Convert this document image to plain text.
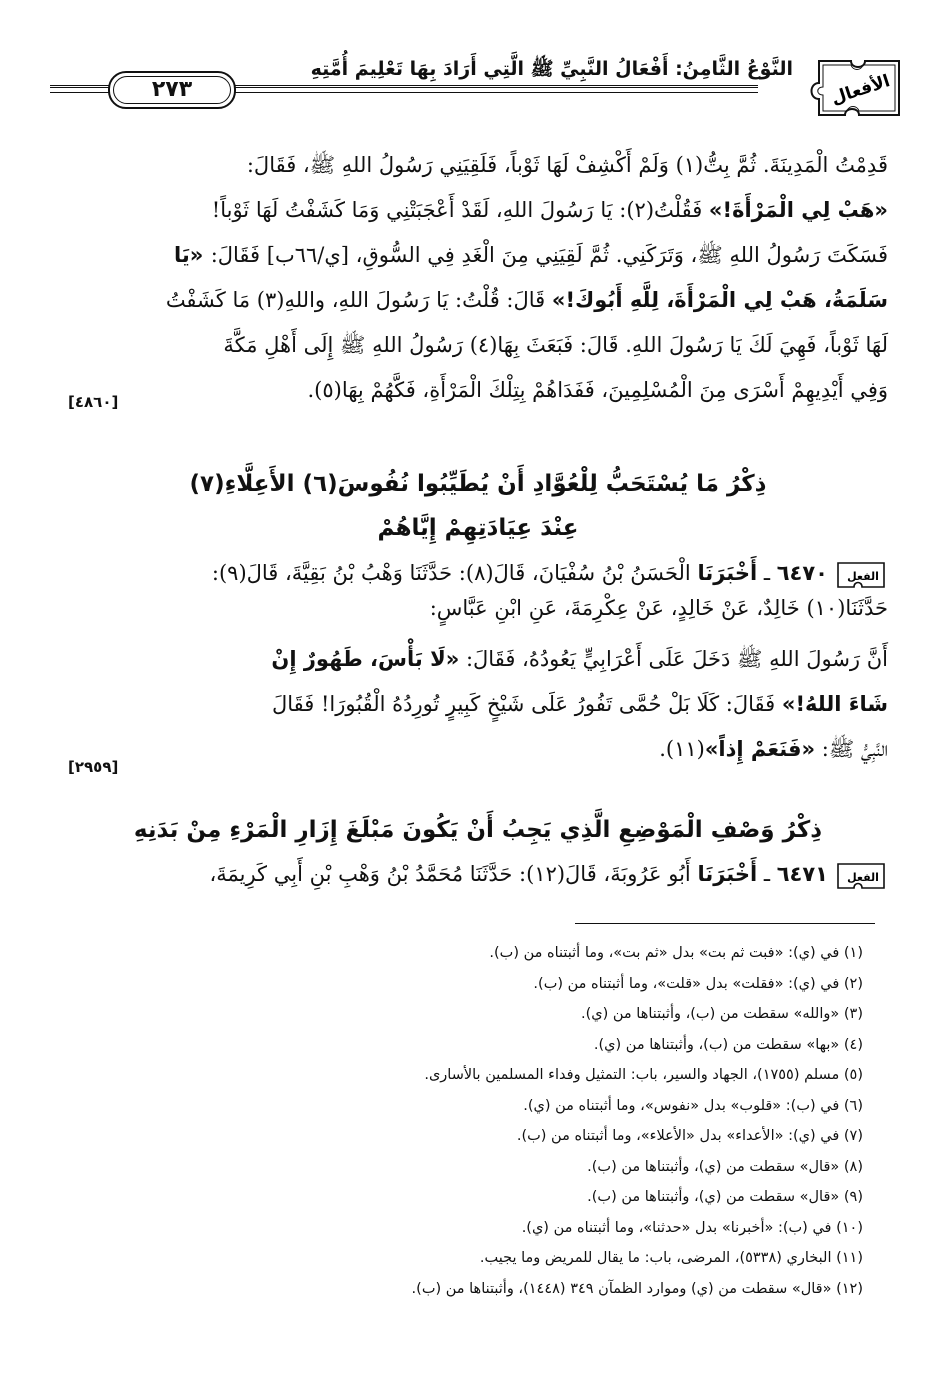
٢٧٣
النَّوْعُ الثَّامِنُ: أَفْعَالُ النَّبِيِّ ﷺ الَّتِي أَرَادَ بِهَا تَعْلِيمَ أُمَّتِهِ
الأفعال
قَدِمْتُ الْمَدِينَةَ. ثُمَّ بِتُّ(١) وَلَمْ أَكْشِفْ لَهَا ثَوْباً، فَلَقِيَنِي رَسُولُ اللهِ ﷺ، فَقَالَ:
«هَبْ لِي الْمَرْأَةَ!» فَقُلْتُ(٢): يَا رَسُولَ اللهِ، لَقَدْ أَعْجَبَتْنِي وَمَا كَشَفْتُ لَهَا ثَوْباً!
فَسَكَتَ رَسُولُ اللهِ ﷺ، وَتَرَكَنِي. ثُمَّ لَقِيَنِي مِنَ الْغَدِ فِي السُّوقِ، [ي/٦٦ب] فَقَالَ: «يَا
سَلَمَةُ، هَبْ لِي الْمَرْأَةَ، لِلَّهِ أَبُوكَ!» قَالَ: قُلْتُ: يَا رَسُولَ اللهِ، واللهِ(٣) مَا كَشَفْتُ
لَهَا ثَوْباً، فَهِيَ لَكَ يَا رَسُولَ اللهِ. قَالَ: فَبَعَثَ بِهَا(٤) رَسُولُ اللهِ ﷺ إِلَى أَهْلِ مَكَّةَ
وَفِي أَيْدِيهِمْ أَسْرَى مِنَ الْمُسْلِمِينَ، فَفَدَاهُمْ بِتِلْكَ الْمَرْأَةِ، فَكَّهُمْ بِهَا(٥).
[٤٨٦٠]
ذِكْرُ مَا يُسْتَحَبُّ لِلْعُوَّادِ أَنْ يُطَيِّبُوا نُفُوسَ(٦) الأَعِلَّاءِ(٧)
عِنْدَ عِيَادَتِهِمْ إِيَّاهُمْ
الفعل
٦٤٧٠ ـ أَخْبَرَنَا الْحَسَنُ بْنُ سُفْيَانَ، قَالَ(٨): حَدَّثَنَا وَهْبُ بْنُ بَقِيَّةَ، قَالَ(٩):
حَدَّثَنَا(١٠) خَالِدٌ، عَنْ خَالِدٍ، عَنْ عِكْرِمَةَ، عَنِ ابْنِ عَبَّاسٍ:
أَنَّ رَسُولَ اللهِ ﷺ دَخَلَ عَلَى أَعْرَابِيٍّ يَعُودُهُ، فَقَالَ: «لَا بَأْسَ، طَهُورٌ إِنْ
شَاءَ اللهُ!» فَقَالَ: كَلَا بَلْ حُمَّى تَفُورُ عَلَى شَيْخٍ كَبِيرٍ تُورِدُهُ الْقُبُورَا! فَقَالَ
النَّبِيُّ ﷺ: «فَنَعَمْ إِذاً»(١١).
[٢٩٥٩]
ذِكْرُ وَصْفِ الْمَوْضِعِ الَّذِي يَجِبُ أَنْ يَكُونَ مَبْلَغَ إِزَارِ الْمَرْءِ مِنْ بَدَنِهِ
الفعل
٦٤٧١ ـ أَخْبَرَنَا أَبُو عَرُوبَةَ، قَالَ(١٢): حَدَّثَنَا مُحَمَّدُ بْنُ وَهْبِ بْنِ أَبِي كَرِيمَةَ،
(١) في (ي): «فبت ثم بت» بدل «ثم بت»، وما أثبتناه من (ب).
(٢) في (ي): «فقلت» بدل «قلت»، وما أثبتناه من (ب).
(٣) «والله» سقطت من (ب)، وأثبتناها من (ي).
(٤) «بها» سقطت من (ب)، وأثبتناها من (ي).
(٥) مسلم (١٧٥٥)، الجهاد والسير، باب: التمثيل وفداء المسلمين بالأسارى.
(٦) في (ب): «قلوب» بدل «نفوس»، وما أثبتناه من (ي).
(٧) في (ي): «الأعداء» بدل «الأعلاء»، وما أثبتناه من (ب).
(٨) «قال» سقطت من (ي)، وأثبتناها من (ب).
(٩) «قال» سقطت من (ي)، وأثبتناها من (ب).
(١٠) في (ب): «أخبرنا» بدل «حدثنا»، وما أثبتناه من (ي).
(١١) البخاري (٥٣٣٨)، المرضى، باب: ما يقال للمريض وما يجيب.
(١٢) «قال» سقطت من (ي) وموارد الظمآن ٣٤٩ (١٤٤٨)، وأثبتناها من (ب).
